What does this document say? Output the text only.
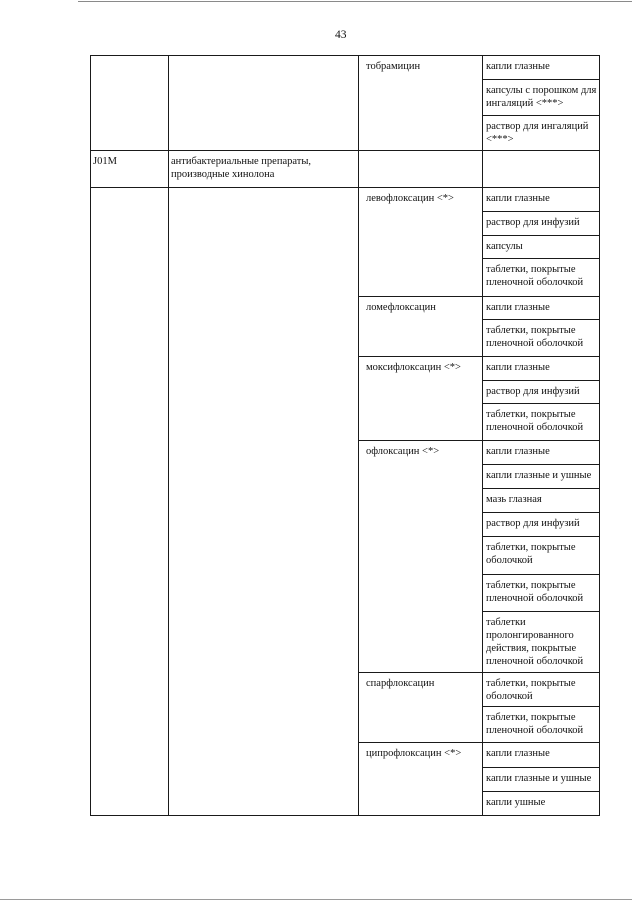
43
тобрамицин	капли глазные
капсулы с порошком для ингаляций <***>
раствор для ингаляций <***>
J01M	антибактериальные препараты, производные хинолона
левофлоксацин <*>	капли глазные
раствор для инфузий
капсулы
таблетки, покрытые пленочной оболочкой
ломефлоксацин	капли глазные
таблетки, покрытые пленочной оболочкой
моксифлоксацин <*>	капли глазные
раствор для инфузий
таблетки, покрытые пленочной оболочкой
офлоксацин <*>	капли глазные
капли глазные и ушные
мазь глазная
раствор для инфузий
таблетки, покрытые оболочкой
таблетки, покрытые пленочной оболочкой
таблетки пролонгированного действия, покрытые пленочной оболочкой
спарфлоксацин	таблетки, покрытые оболочкой
таблетки, покрытые пленочной оболочкой
ципрофлоксацин <*>	капли глазные
капли глазные и ушные
капли ушные
